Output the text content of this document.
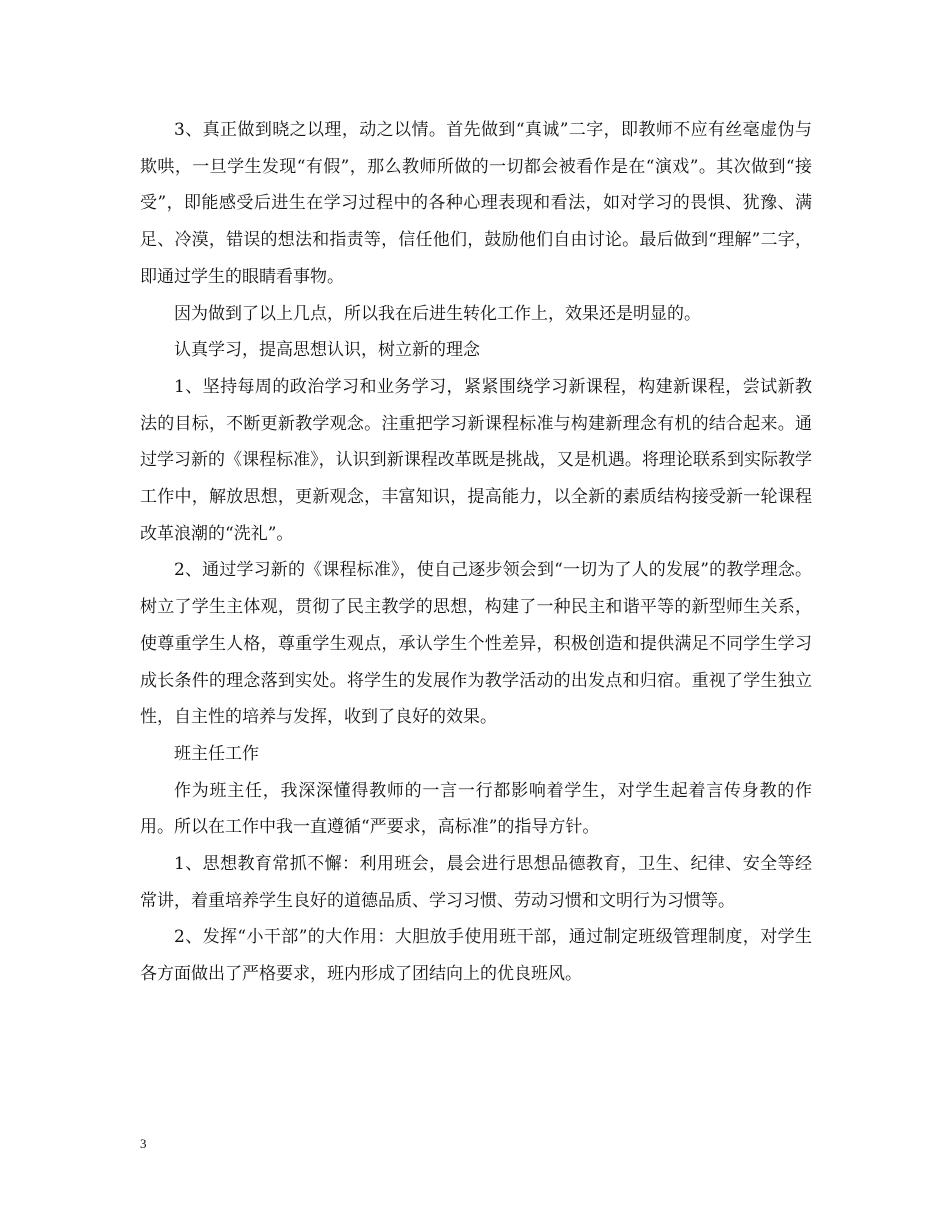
3、真正做到晓之以理，动之以情。首先做到“真诚”二字，即教师不应有丝毫虚伪与欺哄，一旦学生发现“有假”，那么教师所做的一切都会被看作是在“演戏”。其次做到“接受”，即能感受后进生在学习过程中的各种心理表现和看法，如对学习的畏惧、犹豫、满足、冷漠，错误的想法和指责等，信任他们，鼓励他们自由讨论。最后做到“理解”二字，即通过学生的眼睛看事物。

因为做到了以上几点，所以我在后进生转化工作上，效果还是明显的。

认真学习，提高思想认识，树立新的理念

1、坚持每周的政治学习和业务学习，紧紧围绕学习新课程，构建新课程，尝试新教法的目标，不断更新教学观念。注重把学习新课程标准与构建新理念有机的结合起来。通过学习新的《课程标准》，认识到新课程改革既是挑战，又是机遇。将理论联系到实际教学工作中，解放思想，更新观念，丰富知识，提高能力，以全新的素质结构接受新一轮课程改革浪潮的“洗礼”。

2、通过学习新的《课程标准》，使自己逐步领会到“一切为了人的发展”的教学理念。树立了学生主体观，贯彻了民主教学的思想，构建了一种民主和谐平等的新型师生关系，使尊重学生人格，尊重学生观点，承认学生个性差异，积极创造和提供满足不同学生学习成长条件的理念落到实处。将学生的发展作为教学活动的出发点和归宿。重视了学生独立性，自主性的培养与发挥，收到了良好的效果。

班主任工作

作为班主任，我深深懂得教师的一言一行都影响着学生，对学生起着言传身教的作用。所以在工作中我一直遵循“严要求，高标准”的指导方针。

1、思想教育常抓不懈：利用班会，晨会进行思想品德教育，卫生、纪律、安全等经常讲，着重培养学生良好的道德品质、学习习惯、劳动习惯和文明行为习惯等。

2、发挥“小干部”的大作用：大胆放手使用班干部，通过制定班级管理制度，对学生各方面做出了严格要求，班内形成了团结向上的优良班风。

3
